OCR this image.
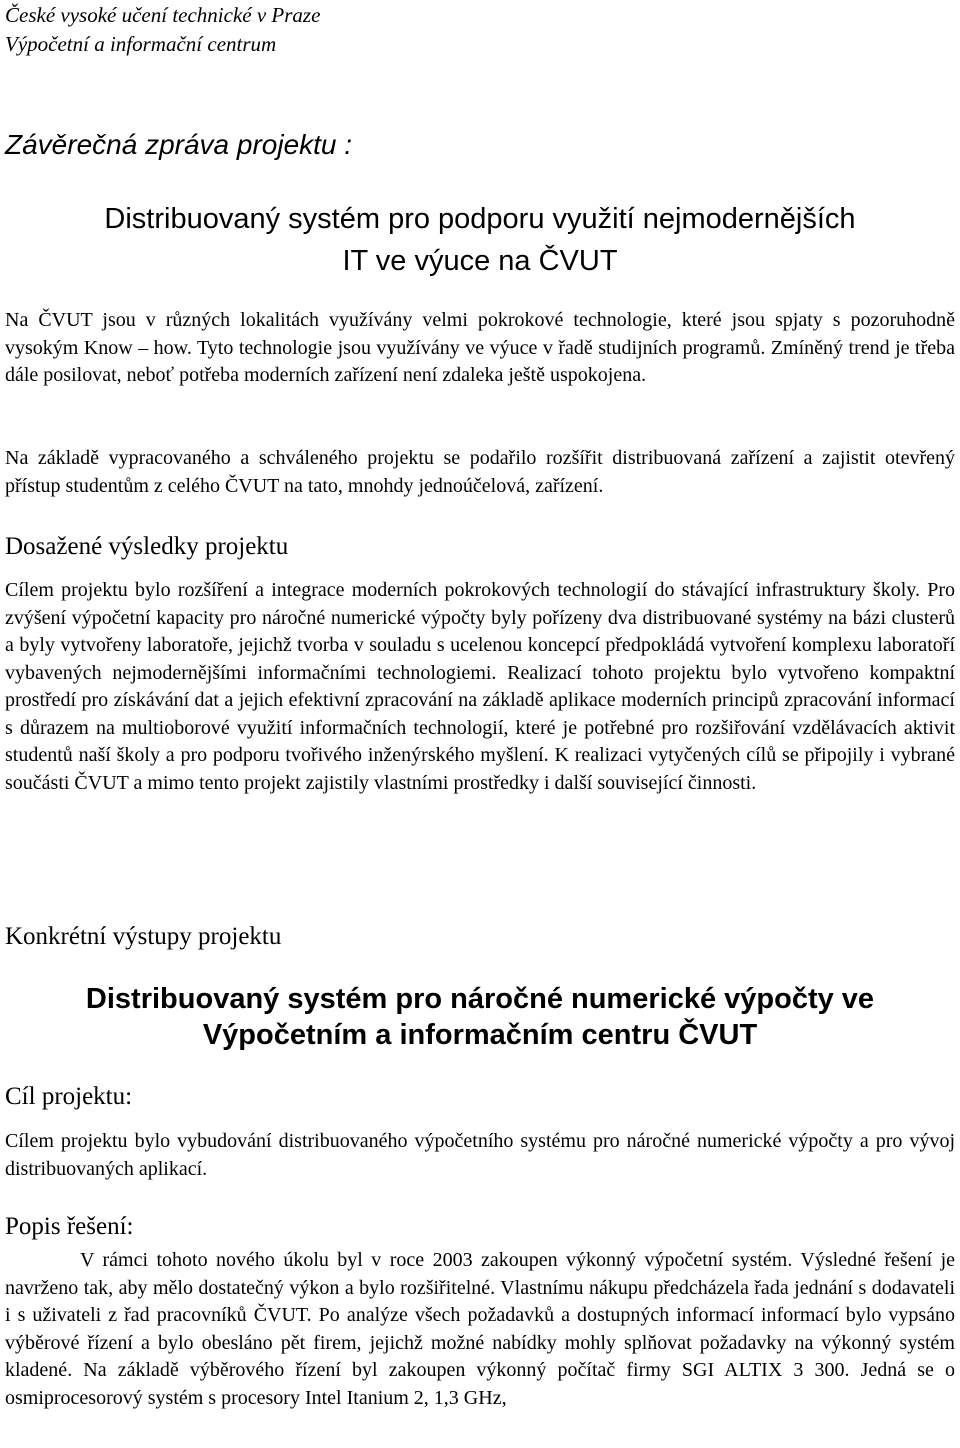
České vysoké učení technické v Praze
Výpočetní a informační centrum
Závěrečná zpráva projektu :
Distribuovaný systém pro podporu využití nejmodernějších
IT ve výuce na ČVUT
Na ČVUT jsou v různých lokalitách využívány velmi pokrokové technologie, které jsou spjaty s pozoruhodně vysokým Know – how. Tyto technologie jsou využívány ve výuce v řadě studijních programů. Zmíněný trend je třeba dále posilovat, neboť potřeba moderních zařízení není zdaleka ještě uspokojena.
Na základě vypracovaného a schváleného projektu se podařilo rozšířit distribuovaná zařízení a zajistit otevřený přístup studentům z celého ČVUT na tato, mnohdy jednoúčelová, zařízení.
Dosažené výsledky projektu
Cílem projektu bylo rozšíření a integrace moderních pokrokových technologií do stávající infrastruktury školy. Pro zvýšení výpočetní kapacity pro náročné numerické výpočty byly pořízeny dva distribuované systémy na bázi clusterů a byly vytvořeny laboratoře, jejichž tvorba v souladu s ucelenou koncepcí předpokládá vytvoření komplexu laboratoří vybavených nejmodernějšími informačními technologiemi. Realizací tohoto projektu bylo vytvořeno kompaktní prostředí pro získávání dat a jejich efektivní zpracování na základě aplikace moderních principů zpracování informací s důrazem na multioborové využití informačních technologií, které je potřebné pro rozšiřování vzdělávacích aktivit studentů naší školy a pro podporu tvořivého inženýrského myšlení. K realizaci vytyčených cílů se připojily i vybrané součásti ČVUT a mimo tento projekt zajistily vlastními prostředky i další související činnosti.
Konkrétní výstupy projektu
Distribuovaný systém pro náročné numerické výpočty ve
Výpočetním a informačním centru ČVUT
Cíl projektu:
Cílem projektu bylo vybudování distribuovaného výpočetního systému pro náročné numerické výpočty a pro vývoj distribuovaných aplikací.
Popis řešení:
V rámci tohoto nového úkolu byl v roce 2003 zakoupen výkonný výpočetní systém. Výsledné řešení je navrženo tak, aby mělo dostatečný výkon a bylo rozšiřitelné. Vlastnímu nákupu předcházela řada jednání s dodavateli i s uživateli z řad pracovníků ČVUT. Po analýze všech požadavků a dostupných informací informací bylo vypsáno výběrové řízení a bylo obesláno pět firem, jejichž možné nabídky mohly splňovat požadavky na výkonný systém kladené. Na základě výběrového řízení byl zakoupen výkonný počítač firmy SGI ALTIX 3 300. Jedná se o osmiprocesorový systém s procesory Intel Itanium 2, 1,3 GHz,
